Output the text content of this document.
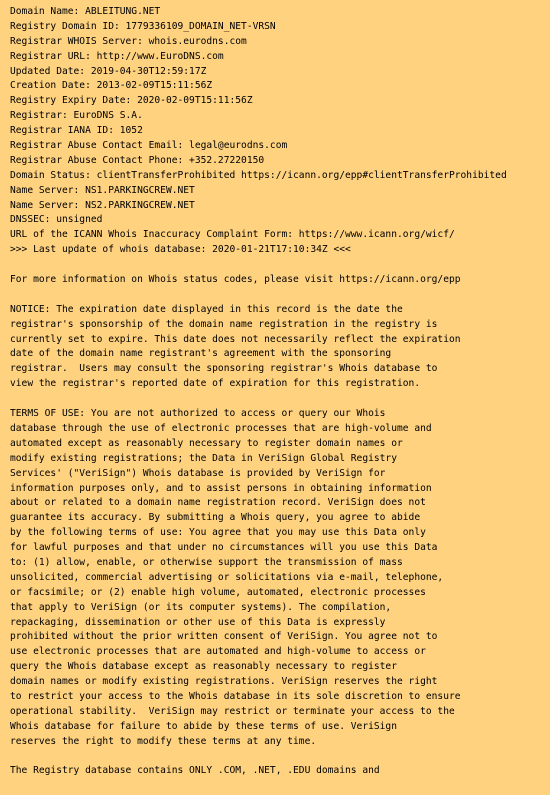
Domain Name: ABLEITUNG.NET
Registry Domain ID: 1779336109_DOMAIN_NET-VRSN
Registrar WHOIS Server: whois.eurodns.com
Registrar URL: http://www.EuroDNS.com
Updated Date: 2019-04-30T12:59:17Z
Creation Date: 2013-02-09T15:11:56Z
Registry Expiry Date: 2020-02-09T15:11:56Z
Registrar: EuroDNS S.A.
Registrar IANA ID: 1052
Registrar Abuse Contact Email: legal@eurodns.com
Registrar Abuse Contact Phone: +352.27220150
Domain Status: clientTransferProhibited https://icann.org/epp#clientTransferProhibited
Name Server: NS1.PARKINGCREW.NET
Name Server: NS2.PARKINGCREW.NET
DNSSEC: unsigned
URL of the ICANN Whois Inaccuracy Complaint Form: https://www.icann.org/wicf/
>>> Last update of whois database: 2020-01-21T17:10:34Z <<<
For more information on Whois status codes, please visit https://icann.org/epp
NOTICE: The expiration date displayed in this record is the date the
registrar's sponsorship of the domain name registration in the registry is
currently set to expire. This date does not necessarily reflect the expiration
date of the domain name registrant's agreement with the sponsoring
registrar.  Users may consult the sponsoring registrar's Whois database to
view the registrar's reported date of expiration for this registration.
TERMS OF USE: You are not authorized to access or query our Whois
database through the use of electronic processes that are high-volume and
automated except as reasonably necessary to register domain names or
modify existing registrations; the Data in VeriSign Global Registry
Services' ("VeriSign") Whois database is provided by VeriSign for
information purposes only, and to assist persons in obtaining information
about or related to a domain name registration record. VeriSign does not
guarantee its accuracy. By submitting a Whois query, you agree to abide
by the following terms of use: You agree that you may use this Data only
for lawful purposes and that under no circumstances will you use this Data
to: (1) allow, enable, or otherwise support the transmission of mass
unsolicited, commercial advertising or solicitations via e-mail, telephone,
or facsimile; or (2) enable high volume, automated, electronic processes
that apply to VeriSign (or its computer systems). The compilation,
repackaging, dissemination or other use of this Data is expressly
prohibited without the prior written consent of VeriSign. You agree not to
use electronic processes that are automated and high-volume to access or
query the Whois database except as reasonably necessary to register
domain names or modify existing registrations. VeriSign reserves the right
to restrict your access to the Whois database in its sole discretion to ensure
operational stability.  VeriSign may restrict or terminate your access to the
Whois database for failure to abide by these terms of use. VeriSign
reserves the right to modify these terms at any time.
The Registry database contains ONLY .COM, .NET, .EDU domains and
